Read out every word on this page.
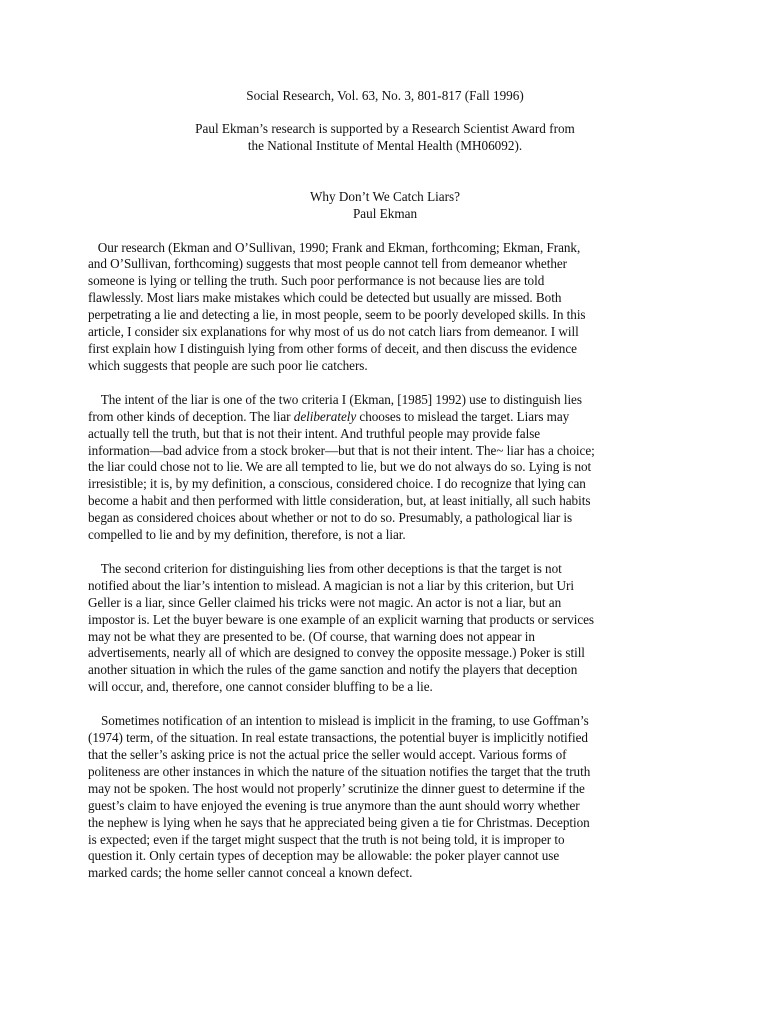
Social Research, Vol. 63, No. 3, 801-817 (Fall 1996)
Paul Ekman’s research is supported by a Research Scientist Award from
the National Institute of Mental Health (MH06092).
Why Don’t We Catch Liars?
Paul Ekman
Our research (Ekman and O’Sullivan, 1990; Frank and Ekman, forthcoming; Ekman, Frank,
and O’Sullivan, forthcoming) suggests that most people cannot tell from demeanor whether
someone is lying or telling the truth. Such poor performance is not because lies are told
flawlessly. Most liars make mistakes which could be detected but usually are missed. Both
perpetrating a lie and detecting a lie, in most people, seem to be poorly developed skills. In this
article, I consider six explanations for why most of us do not catch liars from demeanor. I will
first explain how I distinguish lying from other forms of deceit, and then discuss the evidence
which suggests that people are such poor lie catchers.
The intent of the liar is one of the two criteria I (Ekman, [1985] 1992) use to distinguish lies
from other kinds of deception. The liar deliberately chooses to mislead the target. Liars may
actually tell the truth, but that is not their intent. And truthful people may provide false
information—bad advice from a stock broker—but that is not their intent. The~ liar has a choice;
the liar could chose not to lie. We are all tempted to lie, but we do not always do so. Lying is not
irresistible; it is, by my definition, a conscious, considered choice. I do recognize that lying can
become a habit and then performed with little consideration, but, at least initially, all such habits
began as considered choices about whether or not to do so. Presumably, a pathological liar is
compelled to lie and by my definition, therefore, is not a liar.
The second criterion for distinguishing lies from other deceptions is that the target is not
notified about the liar’s intention to mislead. A magician is not a liar by this criterion, but Uri
Geller is a liar, since Geller claimed his tricks were not magic. An actor is not a liar, but an
impostor is. Let the buyer beware is one example of an explicit warning that products or services
may not be what they are presented to be. (Of course, that warning does not appear in
advertisements, nearly all of which are designed to convey the opposite message.) Poker is still
another situation in which the rules of the game sanction and notify the players that deception
will occur, and, therefore, one cannot consider bluffing to be a lie.
Sometimes notification of an intention to mislead is implicit in the framing, to use Goffman’s
(1974) term, of the situation. In real estate transactions, the potential buyer is implicitly notified
that the seller’s asking price is not the actual price the seller would accept. Various forms of
politeness are other instances in which the nature of the situation notifies the target that the truth
may not be spoken. The host would not properly’ scrutinize the dinner guest to determine if the
guest’s claim to have enjoyed the evening is true anymore than the aunt should worry whether
the nephew is lying when he says that he appreciated being given a tie for Christmas. Deception
is expected; even if the target might suspect that the truth is not being told, it is improper to
question it. Only certain types of deception may be allowable: the poker player cannot use
marked cards; the home seller cannot conceal a known defect.
